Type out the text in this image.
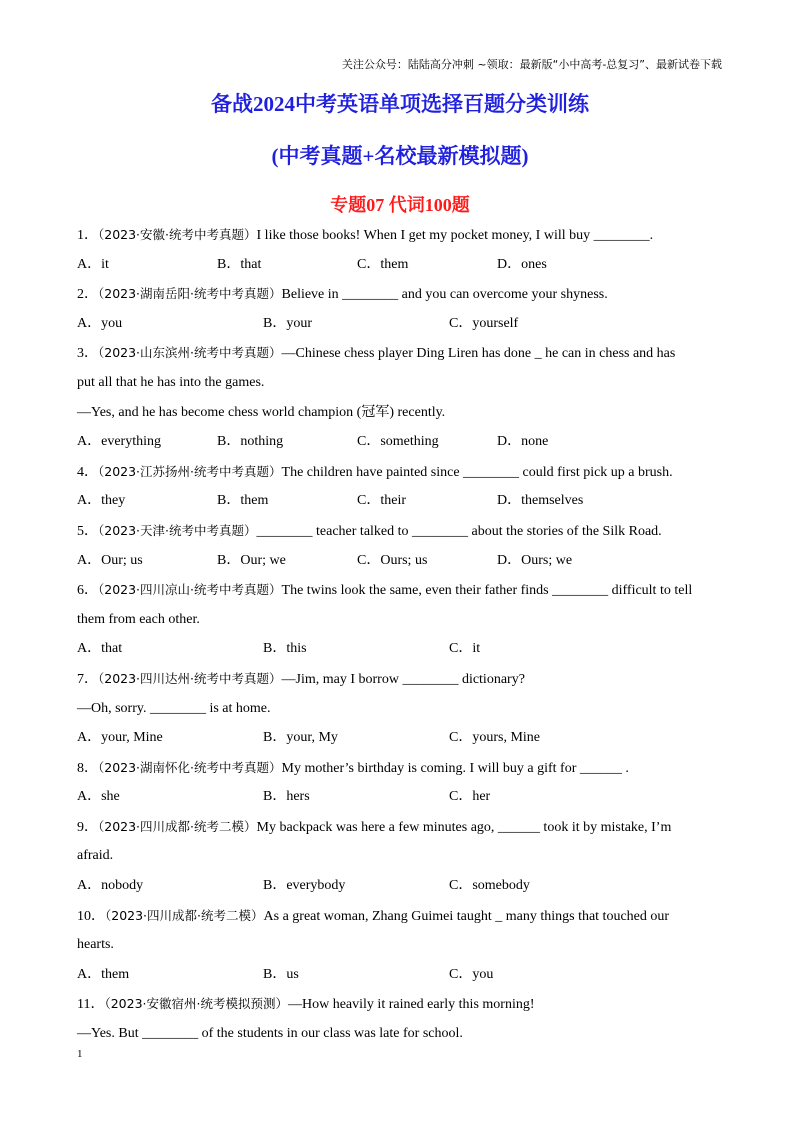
关注公众号：陆陆高分冲刺 ~领取：最新版“小中高考-总复习”、最新试卷下载
备战2024中考英语单项选择百题分类训练
(中考真题+名校最新模拟题)
专题07 代词100题
1．（2023·安徽·统考中考真题）I like those books! When I get my pocket money, I will buy ________.
A．it	B．that	C．them	D．ones
2．（2023·湖南岳阳·统考中考真题）Believe in ________ and you can overcome your shyness.
A．you	B．your	C．yourself
3．（2023·山东滨州·统考中考真题）—Chinese chess player Ding Liren has done _ he can in chess and has
put all that he has into the games.
—Yes, and he has become chess world champion (冠军) recently.
A．everything	B．nothing	C．something	D．none
4．（2023·江苏扬州·统考中考真题）The children have painted since ________ could first pick up a brush.
A．they	B．them	C．their	D．themselves
5．（2023·天津·统考中考真题）________ teacher talked to ________ about the stories of the Silk Road.
A．Our; us	B．Our; we	C．Ours; us	D．Ours; we
6．（2023·四川凉山·统考中考真题）The twins look the same, even their father finds ________ difficult to tell
them from each other.
A．that	B．this	C．it
7．（2023·四川达州·统考中考真题）—Jim, may I borrow ________ dictionary?
—Oh, sorry. ________ is at home.
A．your, Mine	B．your, My	C．yours, Mine
8．（2023·湖南怀化·统考中考真题）My mother’s birthday is coming. I will buy a gift for ______ .
A．she	B．hers	C．her
9．（2023·四川成都·统考二模）My backpack was here a few minutes ago, ______ took it by mistake, I’m
afraid.
A．nobody	B．everybody	C．somebody
10．（2023·四川成都·统考二模）As a great woman, Zhang Guimei taught _ many things that touched our
hearts.
A．them	B．us	C．you
11．（2023·安徽宿州·统考模拟预测）—How heavily it rained early this morning!
—Yes. But ________ of the students in our class was late for school.
1
